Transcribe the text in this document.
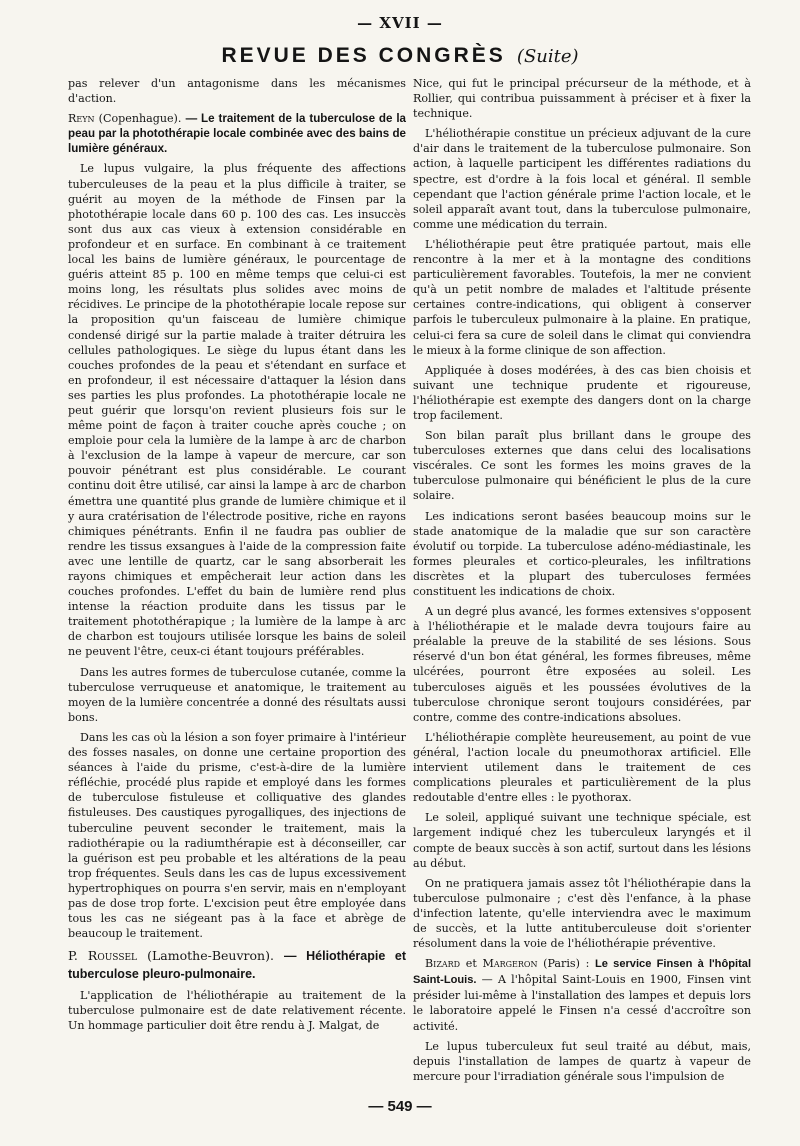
— XVII —
REVUE DES CONGRÈS (Suite)

pas relever d'un antagonisme dans les mécanismes d'action.

Reyn (Copenhague). — Le traitement de la tuberculose de la peau par la photothérapie locale combinée avec des bains de lumière généraux.

Le lupus vulgaire, la plus fréquente des affections tuberculeuses de la peau et la plus difficile à traiter, se guérit au moyen de la méthode de Finsen par la photothérapie locale dans 60 p. 100 des cas. Les insuccès sont dus aux cas vieux à extension considérable en profondeur et en surface. En combinant à ce traitement local les bains de lumière généraux, le pourcentage de guéris atteint 85 p. 100 en même temps que celui-ci est moins long, les résultats plus solides avec moins de récidives. Le principe de la photothérapie locale repose sur la proposition qu'un faisceau de lumière chimique condensé dirigé sur la partie malade à traiter détruira les cellules pathologiques. Le siège du lupus étant dans les couches profondes de la peau et s'étendant en surface et en profondeur, il est nécessaire d'attaquer la lésion dans ses parties les plus profondes. La photothérapie locale ne peut guérir que lorsqu'on revient plusieurs fois sur le même point de façon à traiter couche après couche ; on emploie pour cela la lumière de la lampe à arc de charbon à l'exclusion de la lampe à vapeur de mercure, car son pouvoir pénétrant est plus considérable. Le courant continu doit être utilisé, car ainsi la lampe à arc de charbon émettra une quantité plus grande de lumière chimique et il y aura cratérisation de l'électrode positive, riche en rayons chimiques pénétrants. Enfin il ne faudra pas oublier de rendre les tissus exsangues à l'aide de la compression faite avec une lentille de quartz, car le sang absorberait les rayons chimiques et empêcherait leur action dans les couches profondes. L'effet du bain de lumière rend plus intense la réaction produite dans les tissus par le traitement photothérapique ; la lumière de la lampe à arc de charbon est toujours utilisée lorsque les bains de soleil ne peuvent l'être, ceux-ci étant toujours préférables.

Dans les autres formes de tuberculose cutanée, comme la tuberculose verruqueuse et anatomique, le traitement au moyen de la lumière concentrée a donné des résultats aussi bons.

Dans les cas où la lésion a son foyer primaire à l'intérieur des fosses nasales, on donne une certaine proportion des séances à l'aide du prisme, c'est-à-dire de la lumière réfléchie, procédé plus rapide et employé dans les formes de tuberculose fistuleuse et colliquative des glandes fistuleuses. Des caustiques pyrogalliques, des injections de tuberculine peuvent seconder le traitement, mais la radiothérapie ou la radiumthérapie est à déconseiller, car la guérison est peu probable et les altérations de la peau trop fréquentes. Seuls dans les cas de lupus excessivement hypertrophiques on pourra s'en servir, mais en n'employant pas de dose trop forte. L'excision peut être employée dans tous les cas ne siégeant pas à la face et abrège de beaucoup le traitement.

P. Roussel (Lamothe-Beuvron). — Héliothérapie et tuberculose pleuro-pulmonaire.

L'application de l'héliothérapie au traitement de la tuberculose pulmonaire est de date relativement récente. Un hommage particulier doit être rendu à J. Malgat, de

Nice, qui fut le principal précurseur de la méthode, et à Rollier, qui contribua puissamment à préciser et à fixer la technique.

L'héliothérapie constitue un précieux adjuvant de la cure d'air dans le traitement de la tuberculose pulmonaire. Son action, à laquelle participent les différentes radiations du spectre, est d'ordre à la fois local et général. Il semble cependant que l'action générale prime l'action locale, et le soleil apparaît avant tout, dans la tuberculose pulmonaire, comme une médication du terrain.

L'héliothérapie peut être pratiquée partout, mais elle rencontre à la mer et à la montagne des conditions particulièrement favorables. Toutefois, la mer ne convient qu'à un petit nombre de malades et l'altitude présente certaines contre-indications, qui obligent à conserver parfois le tuberculeux pulmonaire à la plaine. En pratique, celui-ci fera sa cure de soleil dans le climat qui conviendra le mieux à la forme clinique de son affection.

Appliquée à doses modérées, à des cas bien choisis et suivant une technique prudente et rigoureuse, l'héliothérapie est exempte des dangers dont on la charge trop facilement.

Son bilan paraît plus brillant dans le groupe des tuberculoses externes que dans celui des localisations viscérales. Ce sont les formes les moins graves de la tuberculose pulmonaire qui bénéficient le plus de la cure solaire.

Les indications seront basées beaucoup moins sur le stade anatomique de la maladie que sur son caractère évolutif ou torpide. La tuberculose adéno-médiastinale, les formes pleurales et cortico-pleurales, les infiltrations discrètes et la plupart des tuberculoses fermées constituent les indications de choix.

A un degré plus avancé, les formes extensives s'opposent à l'héliothérapie et le malade devra toujours faire au préalable la preuve de la stabilité de ses lésions. Sous réservé d'un bon état général, les formes fibreuses, même ulcérées, pourront être exposées au soleil. Les tuberculoses aiguës et les poussées évolutives de la tuberculose chronique seront toujours considérées, par contre, comme des contre-indications absolues.

L'héliothérapie complète heureusement, au point de vue général, l'action locale du pneumothorax artificiel. Elle intervient utilement dans le traitement de ces complications pleurales et particulièrement de la plus redoutable d'entre elles : le pyothorax.

Le soleil, appliqué suivant une technique spéciale, est largement indiqué chez les tuberculeux laryngés et il compte de beaux succès à son actif, surtout dans les lésions au début.

On ne pratiquera jamais assez tôt l'héliothérapie dans la tuberculose pulmonaire ; c'est dès l'enfance, à la phase d'infection latente, qu'elle interviendra avec le maximum de succès, et la lutte antituberculeuse doit s'orienter résolument dans la voie de l'héliothérapie préventive.

Bizard et Margeron (Paris) : Le service Finsen à l'hôpital Saint-Louis. — A l'hôpital Saint-Louis en 1900, Finsen vint présider lui-même à l'installation des lampes et depuis lors le laboratoire appelé le Finsen n'a cessé d'accroître son activité.

Le lupus tuberculeux fut seul traité au début, mais, depuis l'installation de lampes de quartz à vapeur de mercure pour l'irradiation générale sous l'impulsion de

— 549 —
